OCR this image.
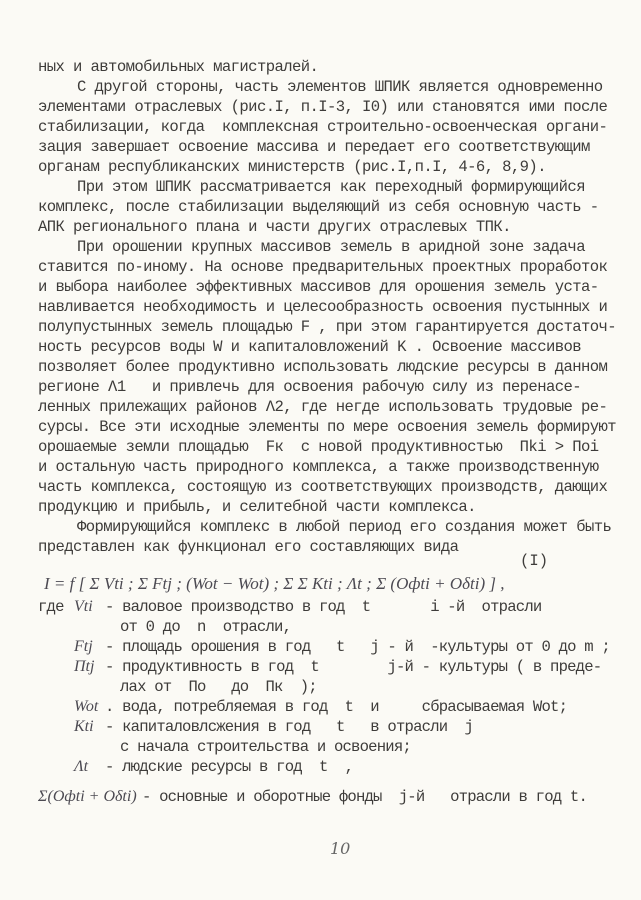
ных и автомобильных магистралей.
С другой стороны, часть элементов ШПИК является одновременно
элементами отраслевых (рис.I, п.I-3, I0) или становятся ими после
стабилизации, когда  комплексная строительно-освоенческая органи-
зация завершает освоение массива и передает его соответствующим
органам республиканских министерств (рис.I,п.I, 4-6, 8,9).
При этом ШПИК рассматривается как переходный формирующийся
комплекс, после стабилизации выделяющий из себя основную часть -
АПК регионального плана и части других отраслевых ТПК.
При орошении крупных массивов земель в аридной зоне задача
ставится по-иному. На основе предварительных проектных проработок
и выбора наиболее эффективных массивов для орошения земель уста-
навливается необходимость и целесообразность освоения пустынных и
полупустынных земель площадью F , при этом гарантируется достаточ-
ность ресурсов воды W и капиталовложений K . Освоение массивов
позволяет более продуктивно использовать людские ресурсы в данном
регионе Λ1   и привлечь для освоения рабочую силу из перенасе-
ленных прилежащих районов Λ2, где негде использовать трудовые ре-
сурсы. Все эти исходные элементы по мере освоения земель формируют
орошаемые земли площадью  Fк  с новой продуктивностью  Пki > Пoi
и остальную часть природного комплекса, а также производственную
часть комплекса, состоящую из соответствующих производств, дающих
продукцию и прибыль, и селитебной части комплекса.
Формирующийся комплекс в любой период его создания может быть
представлен как функционал его составляющих вида
(I)
I = f [ Σ Vti ; Σ Ftj ; (Wot − Wot) ; Σ Σ Kti ; Λt ; Σ (Oфti + Oδti) ] ,
где Vti - валовое производство в год  t       i -й  отрасли
от 0 до  n  отрасли,
Ftj - площадь орошения в год   t   j - й  -культуры от 0 до m ;
Пtj - продуктивность в год  t        j-й - культуры ( в преде-
лах от  По   до  Пк  );
Wot . вода, потребляемая в год  t  и     сбрасываемая Wot;
Kti - капиталовлсжения в год   t   в отрасли  j
с начала строительства и освоения;
Λt - людские ресурсы в год  t  ,
Σ(Oфti + Oδti) - основные и оборотные фонды  j-й   отрасли в год t.
10
